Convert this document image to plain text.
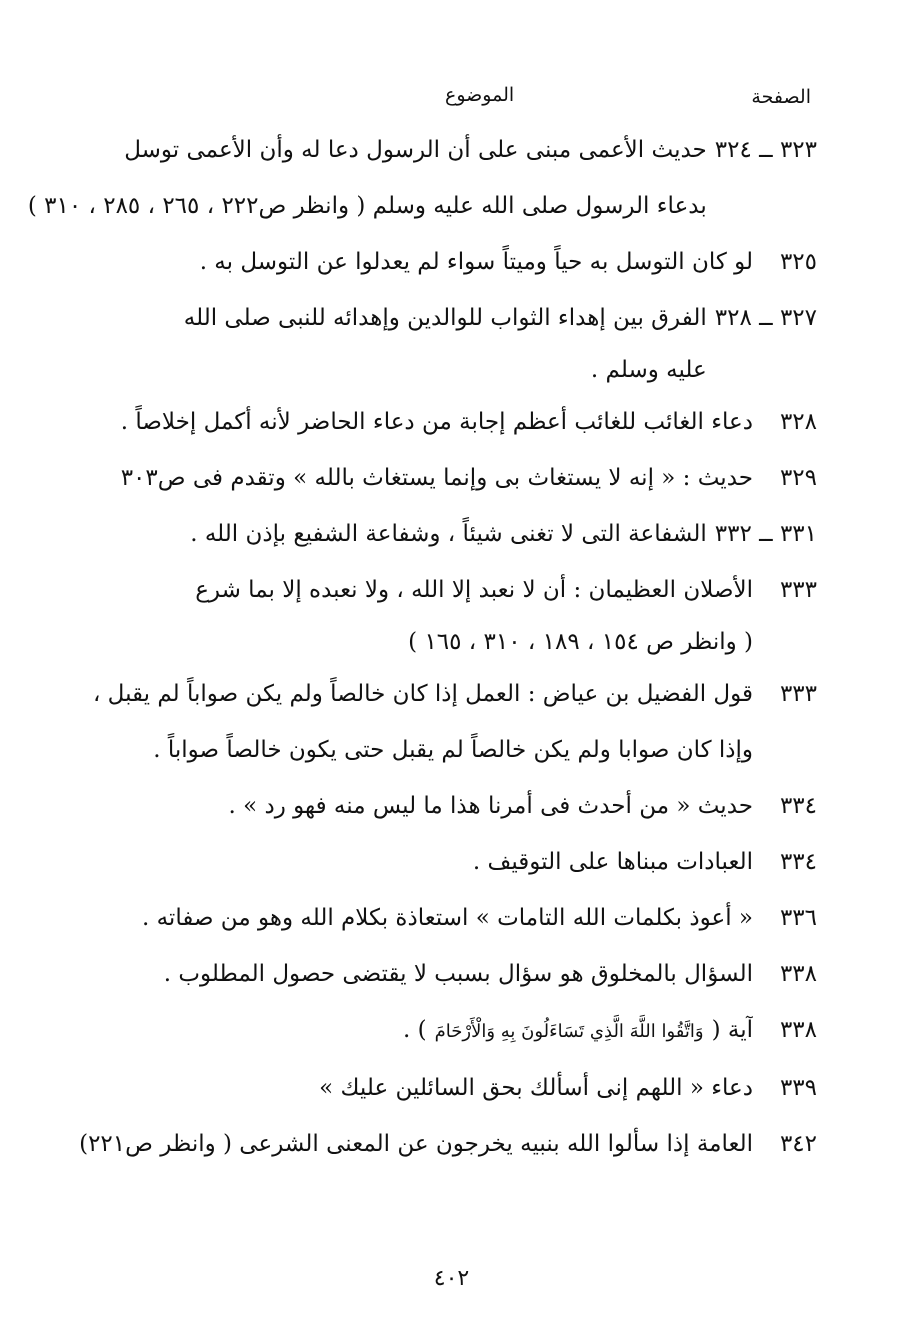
الصفحة
الموضوع
٣٢٣ ــ ٣٢٤
حديث الأعمى مبنى على أن الرسول دعا له وأن الأعمى توسل
بدعاء الرسول صلى الله عليه وسلم ( وانظر ص٢٢٢ ، ٢٦٥ ، ٢٨٥ ، ٣١٠ )
٣٢٥
لو كان التوسل به حياً وميتاً سواء لم يعدلوا عن التوسل به .
٣٢٧ ــ ٣٢٨
الفرق بين إهداء الثواب للوالدين وإهدائه للنبى صلى الله
عليه وسلم .
٣٢٨
دعاء الغائب للغائب أعظم إجابة من دعاء الحاضر لأنه أكمل إخلاصاً .
٣٢٩
حديث : « إنه لا يستغاث بى وإنما يستغاث بالله » وتقدم فى ص٣٠٣
٣٣١ ــ ٣٣٢
الشفاعة التى لا تغنى شيئاً ، وشفاعة الشفيع بإذن الله .
٣٣٣
الأصلان العظيمان : أن لا نعبد إلا الله ، ولا نعبده إلا بما شرع
( وانظر ص ١٥٤ ، ١٨٩ ، ٣١٠ ، ١٦٥ )
٣٣٣
قول الفضيل بن عياض : العمل إذا كان خالصاً ولم يكن صواباً لم يقبل ،
وإذا كان صوابا ولم يكن خالصاً لم يقبل حتى يكون خالصاً صواباً .
٣٣٤
حديث « من أحدث فى أمرنا هذا ما ليس منه فهو رد » .
٣٣٤
العبادات مبناها على التوقيف .
٣٣٦
« أعوذ بكلمات الله التامات » استعاذة بكلام الله وهو من صفاته .
٣٣٨
السؤال بالمخلوق هو سؤال بسبب لا يقتضى حصول المطلوب .
٣٣٨
آية (وَاتَّقُوا اللَّهَ الَّذِي تَسَاءَلُونَ بِهِ وَالْأَرْحَامَ) .
٣٣٩
دعاء « اللهم إنى أسألك بحق السائلين عليك »
٣٤٢
العامة إذا سألوا الله بنبيه يخرجون عن المعنى الشرعى ( وانظر ص٢٢١)
٤٠٢
